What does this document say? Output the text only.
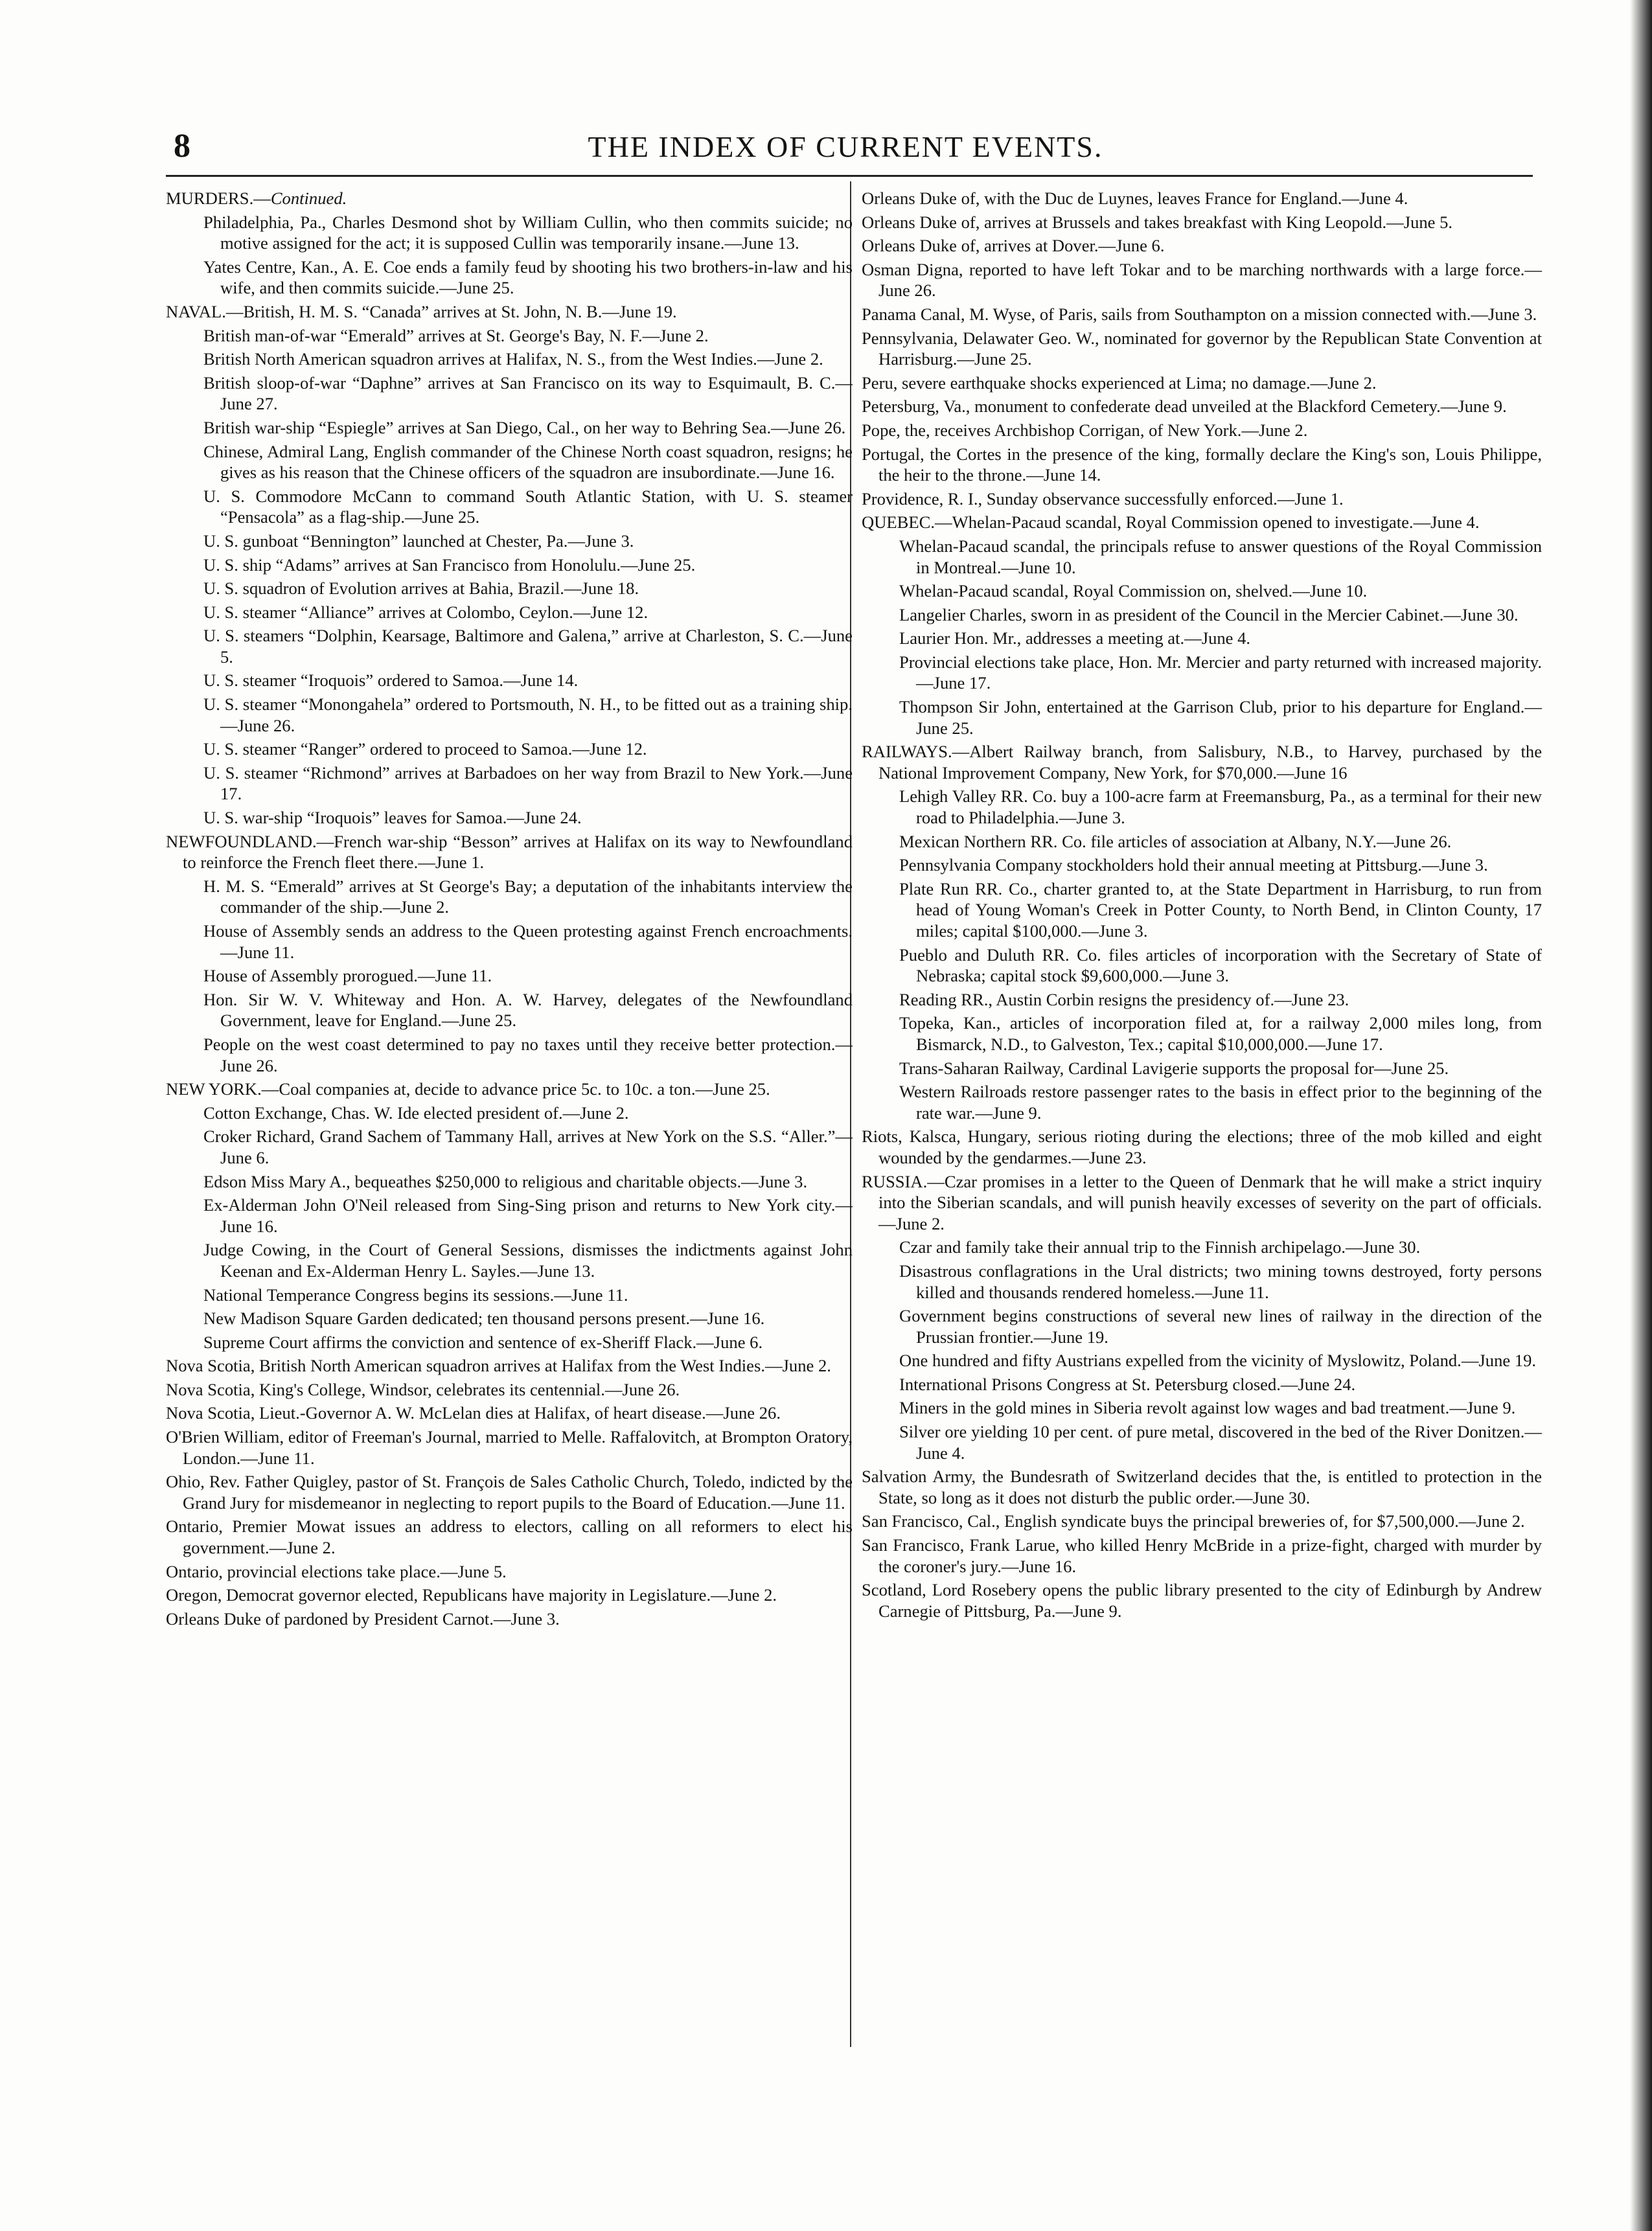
8	THE INDEX OF CURRENT EVENTS.
MURDERS.—Continued.
Philadelphia, Pa., Charles Desmond shot by William Cullin, who then commits suicide; no motive assigned for the act; it is supposed Cullin was temporarily insane.—June 13.
Yates Centre, Kan., A. E. Coe ends a family feud by shooting his two brothers-in-law and his wife, and then commits suicide.—June 25.
NAVAL.—British, H. M. S. “Canada” arrives at St. John, N. B.—June 19.
British man-of-war “Emerald” arrives at St. George's Bay, N. F.—June 2.
British North American squadron arrives at Halifax, N. S., from the West Indies.—June 2.
British sloop-of-war “Daphne” arrives at San Francisco on its way to Esquimault, B. C.—June 27.
British war-ship “Espiegle” arrives at San Diego, Cal., on her way to Behring Sea.—June 26.
Chinese, Admiral Lang, English commander of the Chinese North coast squadron, resigns; he gives as his reason that the Chinese officers of the squadron are insubordinate.—June 16.
U. S. Commodore McCann to command South Atlantic Station, with U. S. steamer “Pensacola” as a flag-ship.—June 25.
U. S. gunboat “Bennington” launched at Chester, Pa.—June 3.
U. S. ship “Adams” arrives at San Francisco from Honolulu.—June 25.
U. S. squadron of Evolution arrives at Bahia, Brazil.—June 18.
U. S. steamer “Alliance” arrives at Colombo, Ceylon.—June 12.
U. S. steamers “Dolphin, Kearsage, Baltimore and Galena,” arrive at Charleston, S. C.—June 5.
U. S. steamer “Iroquois” ordered to Samoa.—June 14.
U. S. steamer “Monongahela” ordered to Portsmouth, N. H., to be fitted out as a training ship.—June 26.
U. S. steamer “Ranger” ordered to proceed to Samoa.—June 12.
U. S. steamer “Richmond” arrives at Barbadoes on her way from Brazil to New York.—June 17.
U. S. war-ship “Iroquois” leaves for Samoa.—June 24.
NEWFOUNDLAND.—French war-ship “Besson” arrives at Halifax on its way to Newfoundland to reinforce the French fleet there.—June 1.
H. M. S. “Emerald” arrives at St George's Bay; a deputation of the inhabitants interview the commander of the ship.—June 2.
House of Assembly sends an address to the Queen protesting against French encroachments.—June 11.
House of Assembly prorogued.—June 11.
Hon. Sir W. V. Whiteway and Hon. A. W. Harvey, delegates of the Newfoundland Government, leave for England.—June 25.
People on the west coast determined to pay no taxes until they receive better protection.—June 26.
NEW YORK.—Coal companies at, decide to advance price 5c. to 10c. a ton.—June 25.
Cotton Exchange, Chas. W. Ide elected president of.—June 2.
Croker Richard, Grand Sachem of Tammany Hall, arrives at New York on the S.S. “Aller.”—June 6.
Edson Miss Mary A., bequeathes $250,000 to religious and charitable objects.—June 3.
Ex-Alderman John O'Neil released from Sing-Sing prison and returns to New York city.—June 16.
Judge Cowing, in the Court of General Sessions, dismisses the indictments against John Keenan and Ex-Alderman Henry L. Sayles.—June 13.
National Temperance Congress begins its sessions.—June 11.
New Madison Square Garden dedicated; ten thousand persons present.—June 16.
Supreme Court affirms the conviction and sentence of ex-Sheriff Flack.—June 6.
Nova Scotia, British North American squadron arrives at Halifax from the West Indies.—June 2.
Nova Scotia, King's College, Windsor, celebrates its centennial.—June 26.
Nova Scotia, Lieut.-Governor A. W. McLelan dies at Halifax, of heart disease.—June 26.
O'Brien William, editor of Freeman's Journal, married to Melle. Raffalovitch, at Brompton Oratory, London.—June 11.
Ohio, Rev. Father Quigley, pastor of St. François de Sales Catholic Church, Toledo, indicted by the Grand Jury for misdemeanor in neglecting to report pupils to the Board of Education.—June 11.
Ontario, Premier Mowat issues an address to electors, calling on all reformers to elect his government.—June 2.
Ontario, provincial elections take place.—June 5.
Oregon, Democrat governor elected, Republicans have majority in Legislature.—June 2.
Orleans Duke of pardoned by President Carnot.—June 3.
Orleans Duke of, with the Duc de Luynes, leaves France for England.—June 4.
Orleans Duke of, arrives at Brussels and takes breakfast with King Leopold.—June 5.
Orleans Duke of, arrives at Dover.—June 6.
Osman Digna, reported to have left Tokar and to be marching northwards with a large force.—June 26.
Panama Canal, M. Wyse, of Paris, sails from Southampton on a mission connected with.—June 3.
Pennsylvania, Delawater Geo. W., nominated for governor by the Republican State Convention at Harrisburg.—June 25.
Peru, severe earthquake shocks experienced at Lima; no damage.—June 2.
Petersburg, Va., monument to confederate dead unveiled at the Blackford Cemetery.—June 9.
Pope, the, receives Archbishop Corrigan, of New York.—June 2.
Portugal, the Cortes in the presence of the king, formally declare the King's son, Louis Philippe, the heir to the throne.—June 14.
Providence, R. I., Sunday observance successfully enforced.—June 1.
QUEBEC.—Whelan-Pacaud scandal, Royal Commission opened to investigate.—June 4.
Whelan-Pacaud scandal, the principals refuse to answer questions of the Royal Commission in Montreal.—June 10.
Whelan-Pacaud scandal, Royal Commission on, shelved.—June 10.
Langelier Charles, sworn in as president of the Council in the Mercier Cabinet.—June 30.
Laurier Hon. Mr., addresses a meeting at.—June 4.
Provincial elections take place, Hon. Mr. Mercier and party returned with increased majority.—June 17.
Thompson Sir John, entertained at the Garrison Club, prior to his departure for England.—June 25.
RAILWAYS.—Albert Railway branch, from Salisbury, N.B., to Harvey, purchased by the National Improvement Company, New York, for $70,000.—June 16
Lehigh Valley RR. Co. buy a 100-acre farm at Freemansburg, Pa., as a terminal for their new road to Philadelphia.—June 3.
Mexican Northern RR. Co. file articles of association at Albany, N.Y.—June 26.
Pennsylvania Company stockholders hold their annual meeting at Pittsburg.—June 3.
Plate Run RR. Co., charter granted to, at the State Department in Harrisburg, to run from head of Young Woman's Creek in Potter County, to North Bend, in Clinton County, 17 miles; capital $100,000.—June 3.
Pueblo and Duluth RR. Co. files articles of incorporation with the Secretary of State of Nebraska; capital stock $9,600,000.—June 3.
Reading RR., Austin Corbin resigns the presidency of.—June 23.
Topeka, Kan., articles of incorporation filed at, for a railway 2,000 miles long, from Bismarck, N.D., to Galveston, Tex.; capital $10,000,000.—June 17.
Trans-Saharan Railway, Cardinal Lavigerie supports the proposal for—June 25.
Western Railroads restore passenger rates to the basis in effect prior to the beginning of the rate war.—June 9.
Riots, Kalsca, Hungary, serious rioting during the elections; three of the mob killed and eight wounded by the gendarmes.—June 23.
RUSSIA.—Czar promises in a letter to the Queen of Denmark that he will make a strict inquiry into the Siberian scandals, and will punish heavily excesses of severity on the part of officials.—June 2.
Czar and family take their annual trip to the Finnish archipelago.—June 30.
Disastrous conflagrations in the Ural districts; two mining towns destroyed, forty persons killed and thousands rendered homeless.—June 11.
Government begins constructions of several new lines of railway in the direction of the Prussian frontier.—June 19.
One hundred and fifty Austrians expelled from the vicinity of Myslowitz, Poland.—June 19.
International Prisons Congress at St. Petersburg closed.—June 24.
Miners in the gold mines in Siberia revolt against low wages and bad treatment.—June 9.
Silver ore yielding 10 per cent. of pure metal, discovered in the bed of the River Donitzen.—June 4.
Salvation Army, the Bundesrath of Switzerland decides that the, is entitled to protection in the State, so long as it does not disturb the public order.—June 30.
San Francisco, Cal., English syndicate buys the principal breweries of, for $7,500,000.—June 2.
San Francisco, Frank Larue, who killed Henry McBride in a prize-fight, charged with murder by the coroner's jury.—June 16.
Scotland, Lord Rosebery opens the public library presented to the city of Edinburgh by Andrew Carnegie of Pittsburg, Pa.—June 9.
